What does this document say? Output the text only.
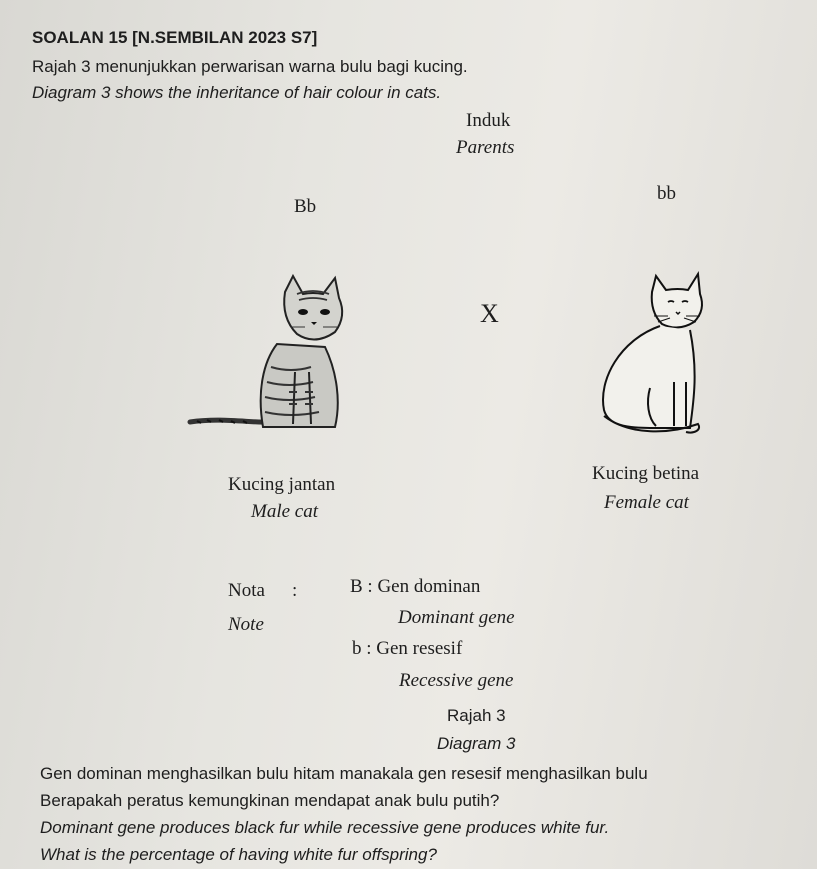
SOALAN 15 [N.SEMBILAN 2023 S7]
Rajah 3 menunjukkan perwarisan warna bulu bagi kucing.
Diagram 3 shows the inheritance of hair colour in cats.
Induk
Parents
Bb
bb
X
Kucing jantan
Male cat
Kucing betina
Female cat
Nota :
Note
B : Gen dominan
Dominant gene
b : Gen resesif
Recessive gene
Rajah 3
Diagram 3
Gen dominan menghasilkan bulu hitam manakala gen resesif menghasilkan bulu
Berapakah peratus kemungkinan mendapat anak bulu putih?
Dominant gene produces black fur while recessive gene produces white fur.
What is the percentage of having white fur offspring?
